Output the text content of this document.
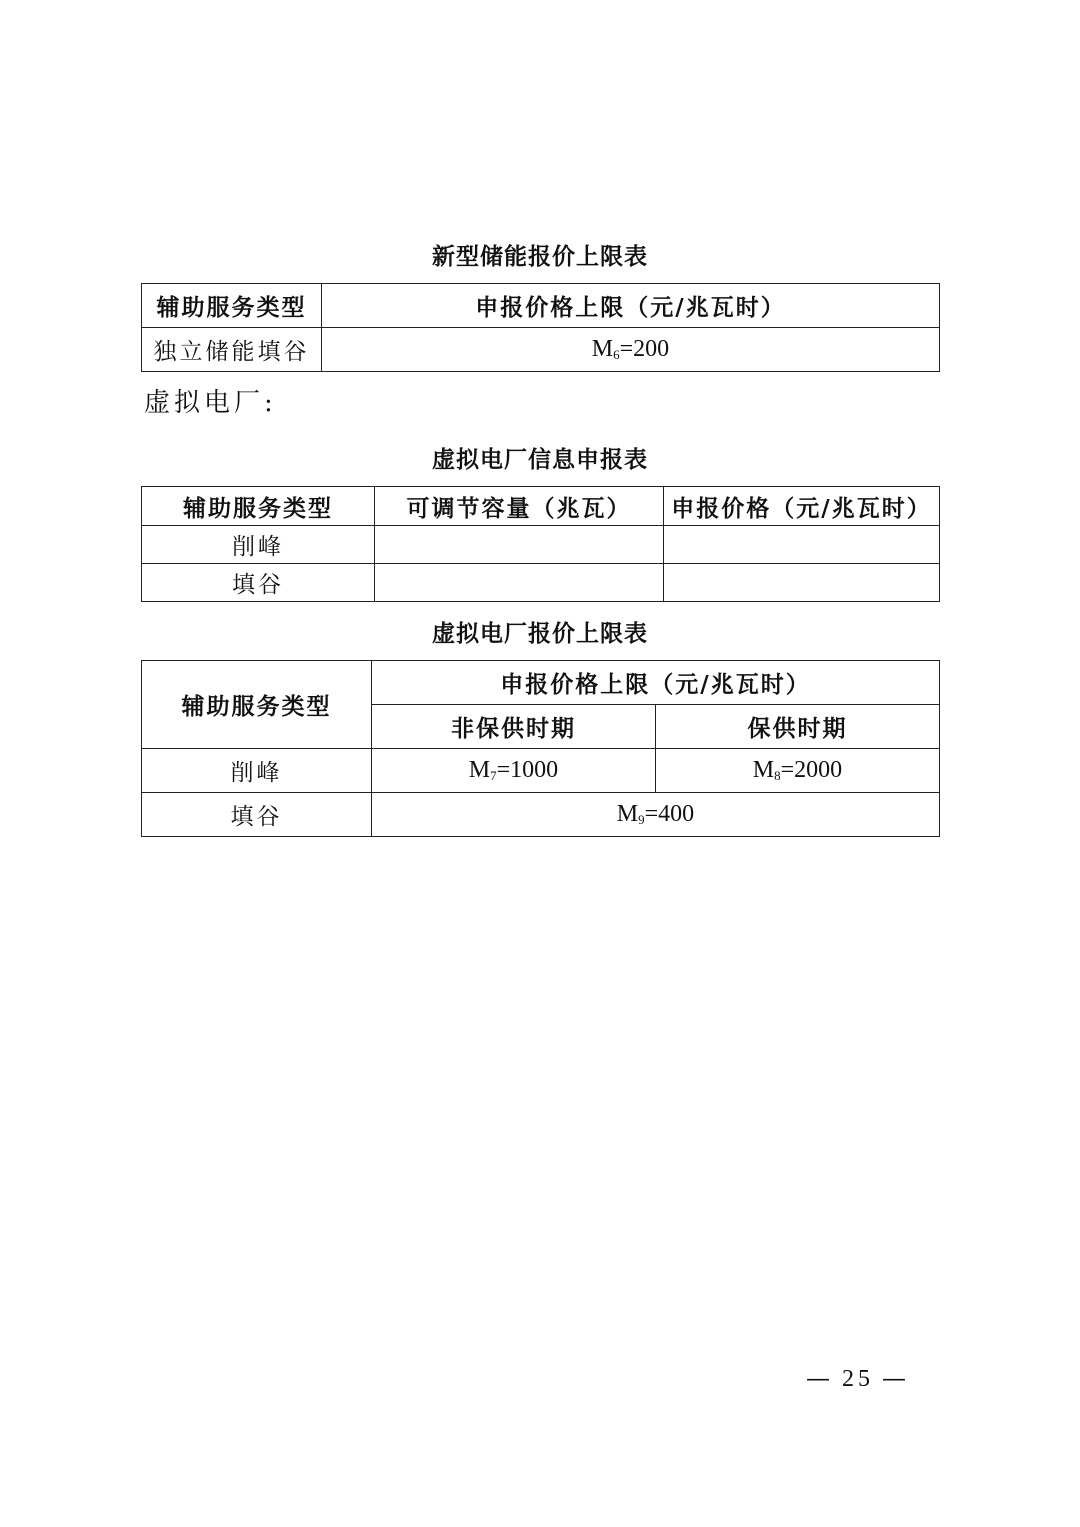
新型储能报价上限表
辅助服务类型	申报价格上限（元/兆瓦时）
独立储能填谷	$M_6=200$
虚拟电厂:
虚拟电厂信息申报表
辅助服务类型	可调节容量（兆瓦）	申报价格（元/兆瓦时）
削峰		
填谷		
虚拟电厂报价上限表
辅助服务类型	申报价格上限（元/兆瓦时）	
	非保供时期	保供时期
削峰	$M_7=1000$	$M_8=2000$
填谷	$M_9=400$	
— 25 —
